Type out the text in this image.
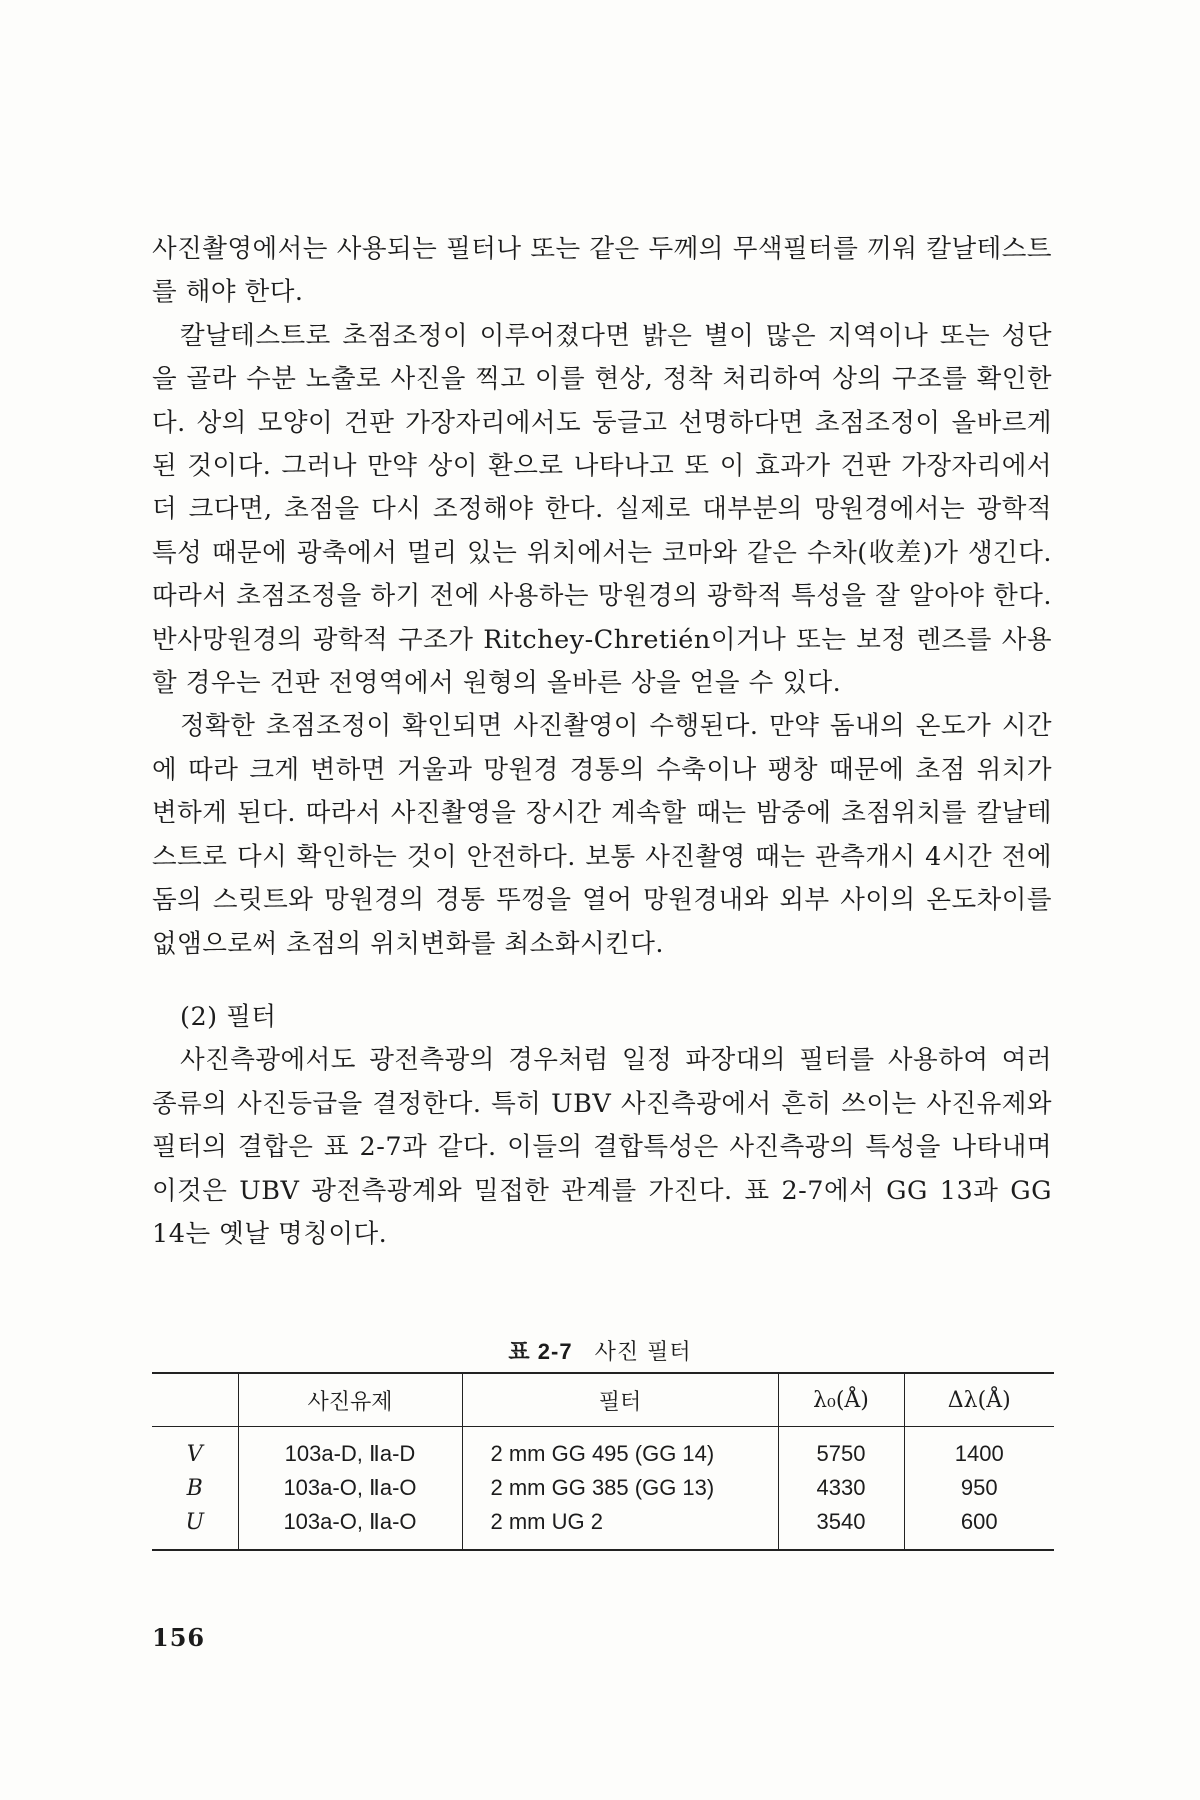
사진촬영에서는 사용되는 필터나 또는 같은 두께의 무색필터를 끼워 칼날테스트를 해야 한다.

칼날테스트로 초점조정이 이루어졌다면 밝은 별이 많은 지역이나 또는 성단을 골라 수분 노출로 사진을 찍고 이를 현상, 정착 처리하여 상의 구조를 확인한다. 상의 모양이 건판 가장자리에서도 둥글고 선명하다면 초점조정이 올바르게 된 것이다. 그러나 만약 상이 환으로 나타나고 또 이 효과가 건판 가장자리에서 더 크다면, 초점을 다시 조정해야 한다. 실제로 대부분의 망원경에서는 광학적 특성 때문에 광축에서 멀리 있는 위치에서는 코마와 같은 수차(收差)가 생긴다. 따라서 초점조정을 하기 전에 사용하는 망원경의 광학적 특성을 잘 알아야 한다. 반사망원경의 광학적 구조가 Ritchey-Chretién이거나 또는 보정 렌즈를 사용할 경우는 건판 전영역에서 원형의 올바른 상을 얻을 수 있다.

정확한 초점조정이 확인되면 사진촬영이 수행된다. 만약 돔내의 온도가 시간에 따라 크게 변하면 거울과 망원경 경통의 수축이나 팽창 때문에 초점 위치가 변하게 된다. 따라서 사진촬영을 장시간 계속할 때는 밤중에 초점위치를 칼날테스트로 다시 확인하는 것이 안전하다. 보통 사진촬영 때는 관측개시 4시간 전에 돔의 스릿트와 망원경의 경통 뚜껑을 열어 망원경내와 외부 사이의 온도차이를 없앰으로써 초점의 위치변화를 최소화시킨다.

(2) 필터

사진측광에서도 광전측광의 경우처럼 일정 파장대의 필터를 사용하여 여러 종류의 사진등급을 결정한다. 특히 UBV 사진측광에서 흔히 쓰이는 사진유제와 필터의 결합은 표 2-7과 같다. 이들의 결합특성은 사진측광의 특성을 나타내며 이것은 UBV 광전측광계와 밀접한 관계를 가진다. 표 2-7에서 GG 13과 GG 14는 옛날 명칭이다.

표 2-7 사진 필터
	사진유제	필터	λ₀(Å)	Δλ(Å)
V	103a-D, Ⅱa-D	2 mm GG 495 (GG 14)	5750	1400
B	103a-O, Ⅱa-O	2 mm GG 385 (GG 13)	4330	950
U	103a-O, Ⅱa-O	2 mm UG 2	3540	600
156
